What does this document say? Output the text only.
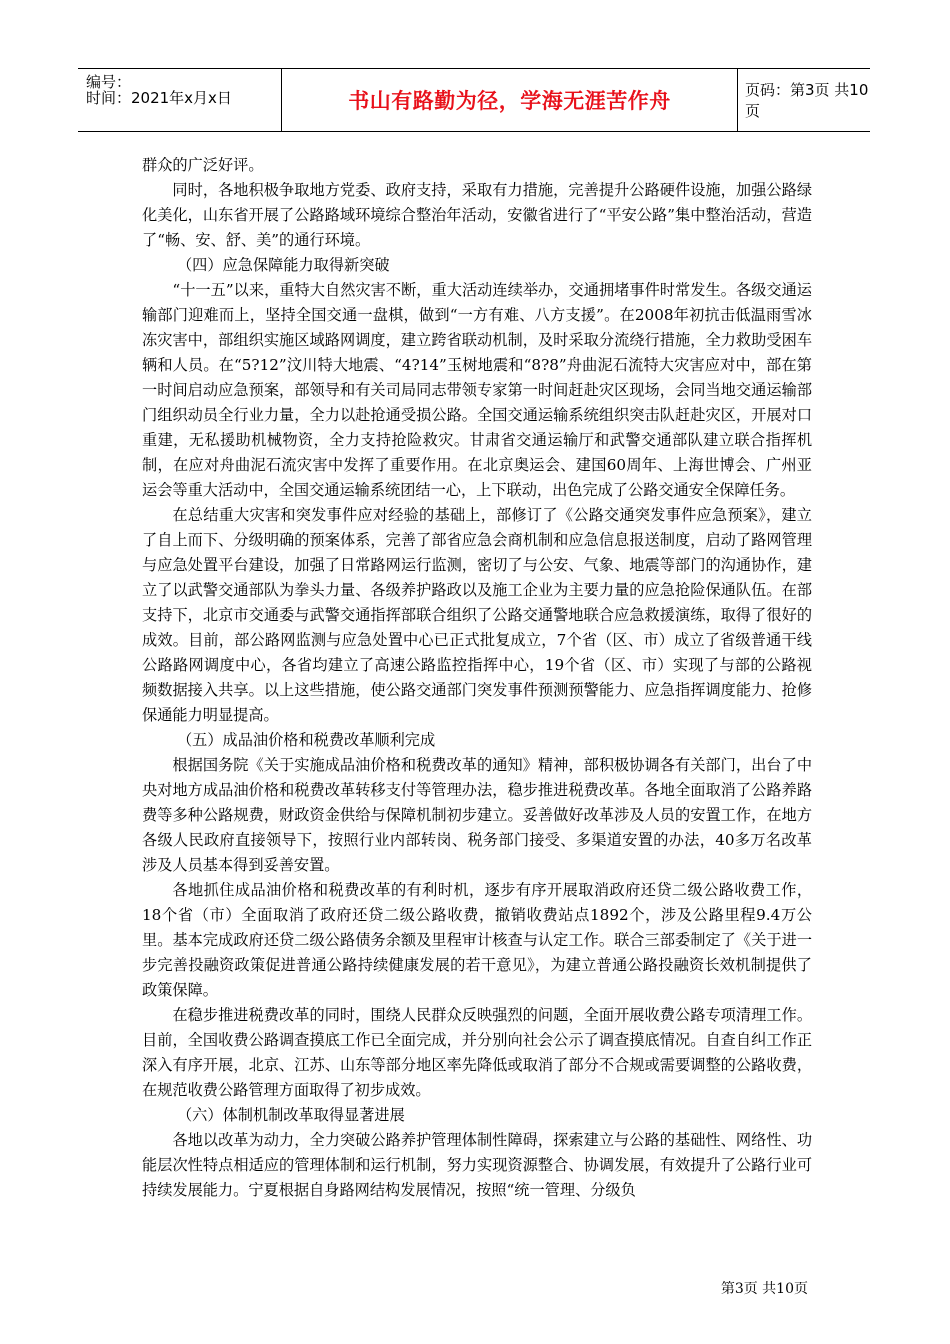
编号：
时间：2021年x月x日	书山有路勤为径，学海无涯苦作舟	页码：第3页 共10页

群众的广泛好评。

同时，各地积极争取地方党委、政府支持，采取有力措施，完善提升公路硬件设施，加强公路绿化美化，山东省开展了公路路域环境综合整治年活动，安徽省进行了“平安公路”集中整治活动，营造了“畅、安、舒、美”的通行环境。

（四）应急保障能力取得新突破

“十一五”以来，重特大自然灾害不断，重大活动连续举办，交通拥堵事件时常发生。各级交通运输部门迎难而上，坚持全国交通一盘棋，做到“一方有难、八方支援”。在2008年初抗击低温雨雪冰冻灾害中，部组织实施区域路网调度，建立跨省联动机制，及时采取分流绕行措施，全力救助受困车辆和人员。在“5?12”汶川特大地震、“4?14”玉树地震和“8?8”舟曲泥石流特大灾害应对中，部在第一时间启动应急预案，部领导和有关司局同志带领专家第一时间赶赴灾区现场，会同当地交通运输部门组织动员全行业力量，全力以赴抢通受损公路。全国交通运输系统组织突击队赶赴灾区，开展对口重建，无私援助机械物资，全力支持抢险救灾。甘肃省交通运输厅和武警交通部队建立联合指挥机制，在应对舟曲泥石流灾害中发挥了重要作用。在北京奥运会、建国60周年、上海世博会、广州亚运会等重大活动中，全国交通运输系统团结一心，上下联动，出色完成了公路交通安全保障任务。

在总结重大灾害和突发事件应对经验的基础上，部修订了《公路交通突发事件应急预案》，建立了自上而下、分级明确的预案体系，完善了部省应急会商机制和应急信息报送制度，启动了路网管理与应急处置平台建设，加强了日常路网运行监测，密切了与公安、气象、地震等部门的沟通协作，建立了以武警交通部队为拳头力量、各级养护路政以及施工企业为主要力量的应急抢险保通队伍。在部支持下，北京市交通委与武警交通指挥部联合组织了公路交通警地联合应急救援演练，取得了很好的成效。目前，部公路网监测与应急处置中心已正式批复成立，7个省（区、市）成立了省级普通干线公路路网调度中心，各省均建立了高速公路监控指挥中心，19个省（区、市）实现了与部的公路视频数据接入共享。以上这些措施，使公路交通部门突发事件预测预警能力、应急指挥调度能力、抢修保通能力明显提高。

（五）成品油价格和税费改革顺利完成

根据国务院《关于实施成品油价格和税费改革的通知》精神，部积极协调各有关部门，出台了中央对地方成品油价格和税费改革转移支付等管理办法，稳步推进税费改革。各地全面取消了公路养路费等多种公路规费，财政资金供给与保障机制初步建立。妥善做好改革涉及人员的安置工作，在地方各级人民政府直接领导下，按照行业内部转岗、税务部门接受、多渠道安置的办法，40多万名改革涉及人员基本得到妥善安置。

各地抓住成品油价格和税费改革的有利时机，逐步有序开展取消政府还贷二级公路收费工作，18个省（市）全面取消了政府还贷二级公路收费，撤销收费站点1892个，涉及公路里程9.4万公里。基本完成政府还贷二级公路债务余额及里程审计核查与认定工作。联合三部委制定了《关于进一步完善投融资政策促进普通公路持续健康发展的若干意见》，为建立普通公路投融资长效机制提供了政策保障。

在稳步推进税费改革的同时，围绕人民群众反映强烈的问题，全面开展收费公路专项清理工作。目前，全国收费公路调查摸底工作已全面完成，并分别向社会公示了调查摸底情况。自查自纠工作正深入有序开展，北京、江苏、山东等部分地区率先降低或取消了部分不合规或需要调整的公路收费，在规范收费公路管理方面取得了初步成效。

（六）体制机制改革取得显著进展

各地以改革为动力，全力突破公路养护管理体制性障碍，探索建立与公路的基础性、网络性、功能层次性特点相适应的管理体制和运行机制，努力实现资源整合、协调发展，有效提升了公路行业可持续发展能力。宁夏根据自身路网结构发展情况，按照“统一管理、分级负

第3页 共10页
